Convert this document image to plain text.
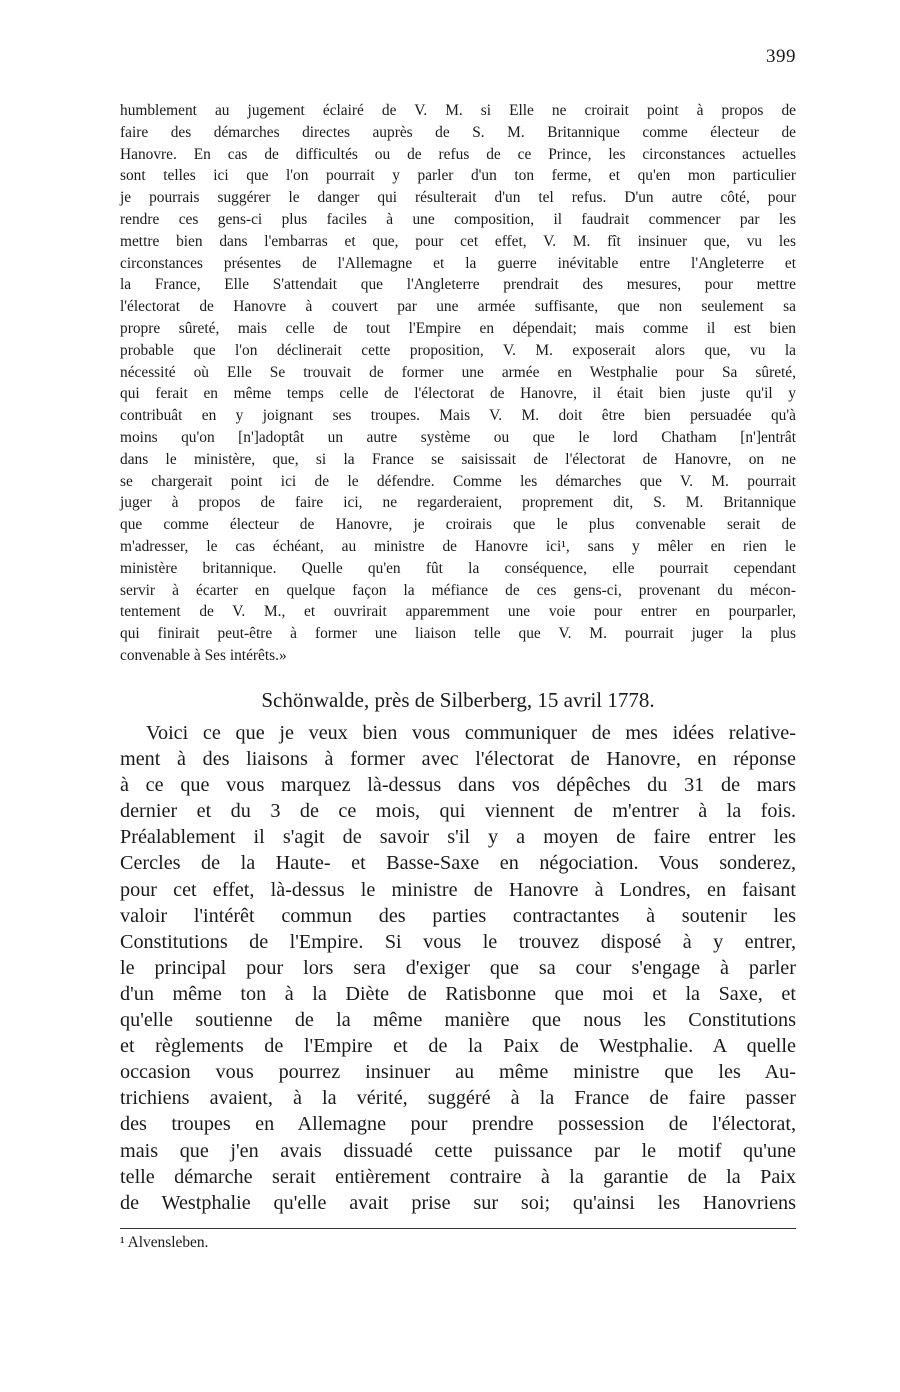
399
humblement au jugement éclairé de V. M. si Elle ne croirait point à propos de
faire des démarches directes auprès de S. M. Britannique comme électeur de
Hanovre. En cas de difficultés ou de refus de ce Prince, les circonstances actuelles
sont telles ici que l'on pourrait y parler d'un ton ferme, et qu'en mon particulier
je pourrais suggérer le danger qui résulterait d'un tel refus. D'un autre côté, pour
rendre ces gens-ci plus faciles à une composition, il faudrait commencer par les
mettre bien dans l'embarras et que, pour cet effet, V. M. fît insinuer que, vu les
circonstances présentes de l'Allemagne et la guerre inévitable entre l'Angleterre et
la France, Elle S'attendait que l'Angleterre prendrait des mesures, pour mettre
l'électorat de Hanovre à couvert par une armée suffisante, que non seulement sa
propre sûreté, mais celle de tout l'Empire en dépendait; mais comme il est bien
probable que l'on déclinerait cette proposition, V. M. exposerait alors que, vu la
nécessité où Elle Se trouvait de former une armée en Westphalie pour Sa sûreté,
qui ferait en même temps celle de l'électorat de Hanovre, il était bien juste qu'il y
contribuât en y joignant ses troupes. Mais V. M. doit être bien persuadée qu'à
moins qu'on [n']adoptât un autre système ou que le lord Chatham [n']entrât
dans le ministère, que, si la France se saisissait de l'électorat de Hanovre, on ne
se chargerait point ici de le défendre. Comme les démarches que V. M. pourrait
juger à propos de faire ici, ne regarderaient, proprement dit, S. M. Britannique
que comme électeur de Hanovre, je croirais que le plus convenable serait de
m'adresser, le cas échéant, au ministre de Hanovre ici¹, sans y mêler en rien le
ministère britannique. Quelle qu'en fût la conséquence, elle pourrait cependant
servir à écarter en quelque façon la méfiance de ces gens-ci, provenant du mécon-
tentement de V. M., et ouvrirait apparemment une voie pour entrer en pourparler,
qui finirait peut-être à former une liaison telle que V. M. pourrait juger la plus
convenable à Ses intérêts.»
Schönwalde, près de Silberberg, 15 avril 1778.
Voici ce que je veux bien vous communiquer de mes idées relative-
ment à des liaisons à former avec l'électorat de Hanovre, en réponse
à ce que vous marquez là-dessus dans vos dépêches du 31 de mars
dernier et du 3 de ce mois, qui viennent de m'entrer à la fois.
Préalablement il s'agit de savoir s'il y a moyen de faire entrer les
Cercles de la Haute- et Basse-Saxe en négociation. Vous sonderez,
pour cet effet, là-dessus le ministre de Hanovre à Londres, en faisant
valoir l'intérêt commun des parties contractantes à soutenir les
Constitutions de l'Empire. Si vous le trouvez disposé à y entrer,
le principal pour lors sera d'exiger que sa cour s'engage à parler
d'un même ton à la Diète de Ratisbonne que moi et la Saxe, et
qu'elle soutienne de la même manière que nous les Constitutions
et règlements de l'Empire et de la Paix de Westphalie. A quelle
occasion vous pourrez insinuer au même ministre que les Au-
trichiens avaient, à la vérité, suggéré à la France de faire passer
des troupes en Allemagne pour prendre possession de l'électorat,
mais que j'en avais dissuadé cette puissance par le motif qu'une
telle démarche serait entièrement contraire à la garantie de la Paix
de Westphalie qu'elle avait prise sur soi; qu'ainsi les Hanovriens
¹ Alvensleben.
